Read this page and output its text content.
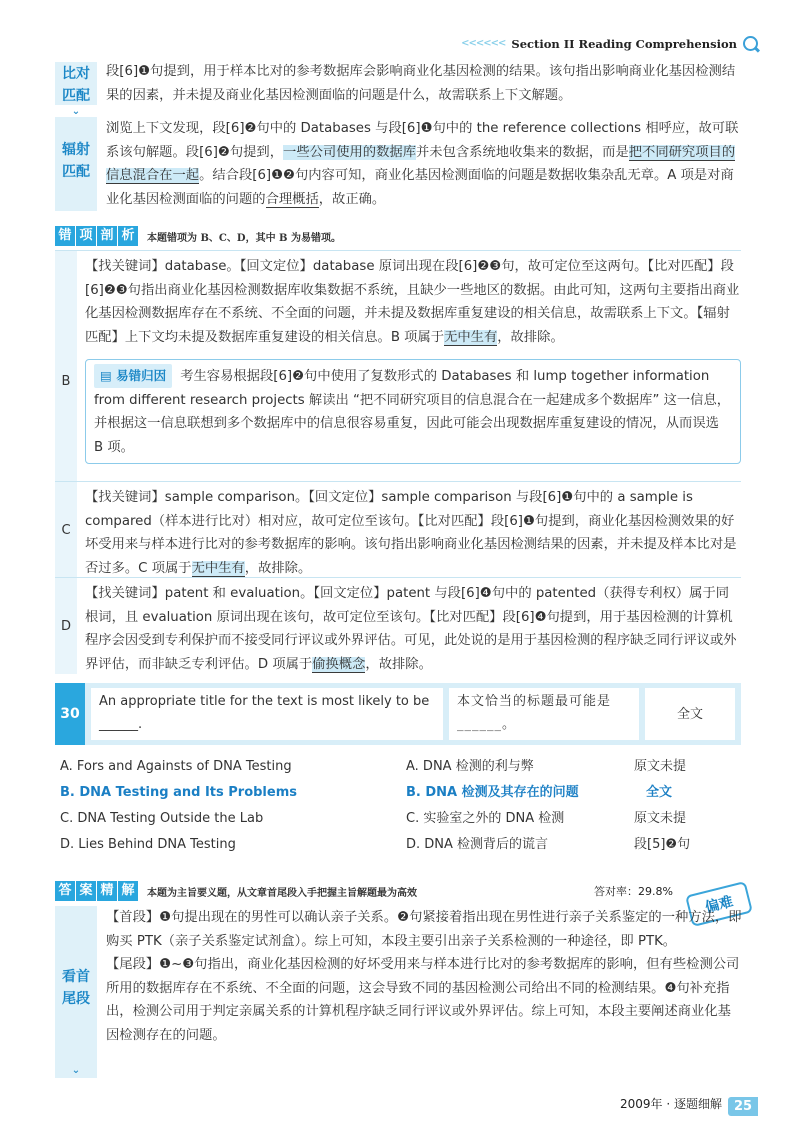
<<<<<< Section II Reading Comprehension
比对
匹配
⌄
段[6]❶句提到，用于样本比对的参考数据库会影响商业化基因检测的结果。该句指出影响商业化基因检测结果的因素，并未提及商业化基因检测面临的问题是什么，故需联系上下文解题。
辐射
匹配
浏览上下文发现，段[6]❷句中的 Databases 与段[6]❶句中的 the reference collections 相呼应，故可联系该句解题。段[6]❷句提到，一些公司使用的数据库并未包含系统地收集来的数据，而是把不同研究项目的信息混合在一起。结合段[6]❶❷句内容可知，商业化基因检测面临的问题是数据收集杂乱无章。A 项是对商业化基因检测面临的问题的合理概括，故正确。
错 项 剖 析	本题错项为 B、C、D，其中 B 为易错项。
B
【找关键词】database。【回文定位】database 原词出现在段[6]❷❸句，故可定位至这两句。【比对匹配】段[6]❷❸句指出商业化基因检测数据库收集数据不系统，且缺少一些地区的数据。由此可知，这两句主要指出商业化基因检测数据库存在不系统、不全面的问题，并未提及数据库重复建设的相关信息，故需联系上下文。【辐射匹配】上下文均未提及数据库重复建设的相关信息。B 项属于无中生有，故排除。
▤ 易错归因 考生容易根据段[6]❷句中使用了复数形式的 Databases 和 lump together information from different research projects 解读出 “把不同研究项目的信息混合在一起建成多个数据库” 这一信息，并根据这一信息联想到多个数据库中的信息很容易重复，因此可能会出现数据库重复建设的情况，从而误选 B 项。
C
【找关键词】sample comparison。【回文定位】sample comparison 与段[6]❶句中的 a sample is compared（样本进行比对）相对应，故可定位至该句。【比对匹配】段[6]❶句提到，商业化基因检测效果的好坏受用来与样本进行比对的参考数据库的影响。该句指出影响商业化基因检测结果的因素，并未提及样本比对是否过多。C 项属于无中生有，故排除。
D
【找关键词】patent 和 evaluation。【回文定位】patent 与段[6]❹句中的 patented（获得专利权）属于同根词，且 evaluation 原词出现在该句，故可定位至该句。【比对匹配】段[6]❹句提到，用于基因检测的计算机程序会因受到专利保护而不接受同行评议或外界评估。可见，此处说的是用于基因检测的程序缺乏同行评议或外界评估，而非缺乏专利评估。D 项属于偷换概念，故排除。
30
An appropriate title for the text is most likely to be ______.
本文恰当的标题最可能是______。
全文
A. Fors and Againsts of DNA Testing	A. DNA 检测的利与弊	原文未提
B. DNA Testing and Its Problems	B. DNA 检测及其存在的问题	全文
C. DNA Testing Outside the Lab	C. 实验室之外的 DNA 检测	原文未提
D. Lies Behind DNA Testing	D. DNA 检测背后的谎言	段[5]❷句
答 案 精 解	本题为主旨要义题，从文章首尾段入手把握主旨解题最为高效	答对率：29.8%
偏难
看首
尾段
⌄
【首段】❶句提出现在的男性可以确认亲子关系。❷句紧接着指出现在男性进行亲子关系鉴定的一种方法，即购买 PTK（亲子关系鉴定试剂盒）。综上可知，本段主要引出亲子关系检测的一种途径，即 PTK。
【尾段】❶~❸句指出，商业化基因检测的好坏受用来与样本进行比对的参考数据库的影响，但有些检测公司所用的数据库存在不系统、不全面的问题，这会导致不同的基因检测公司给出不同的检测结果。❹句补充指出，检测公司用于判定亲属关系的计算机程序缺乏同行评议或外界评估。综上可知，本段主要阐述商业化基因检测存在的问题。
2009年 · 逐题细解 25
